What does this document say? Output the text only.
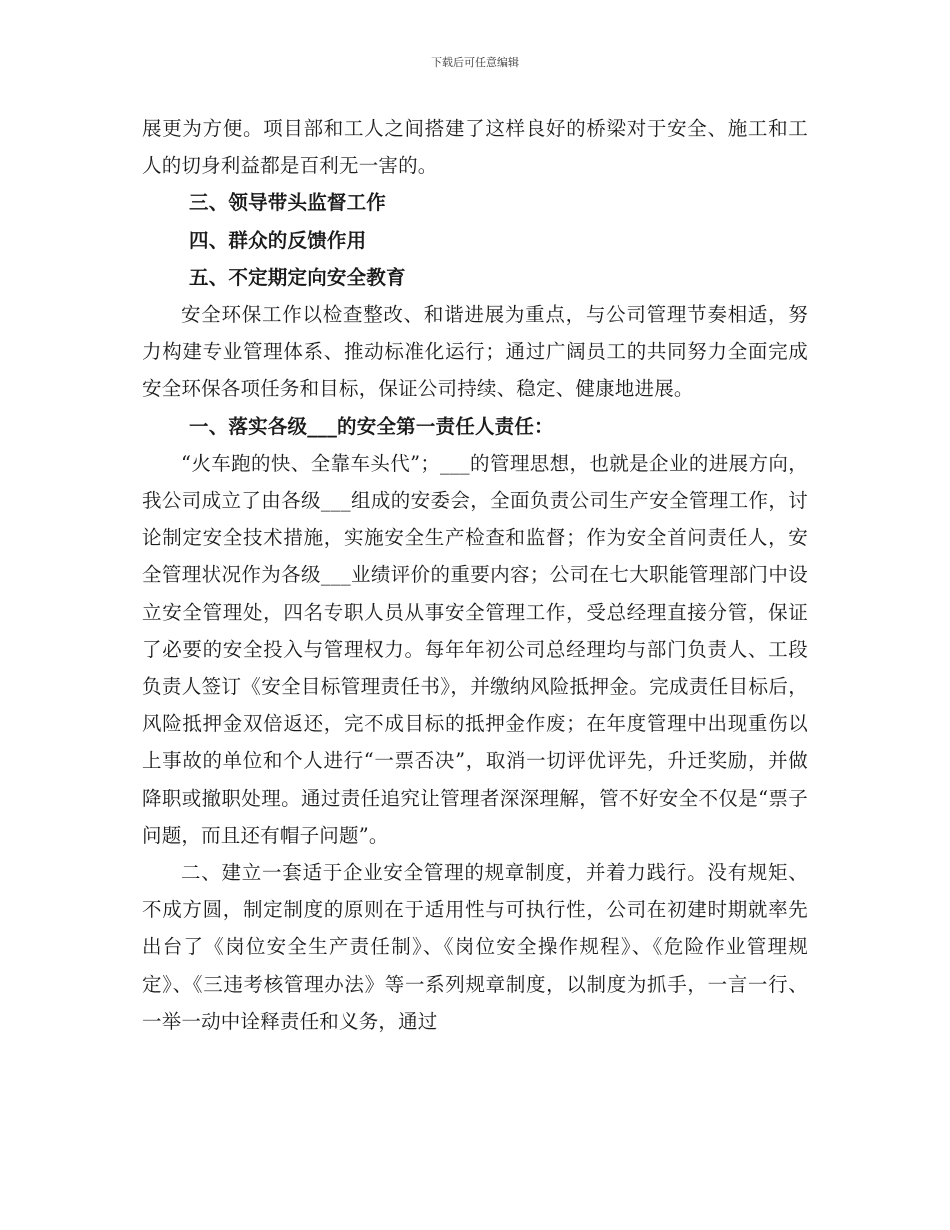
下载后可任意编辑

展更为方便。项目部和工人之间搭建了这样良好的桥梁对于安全、施工和工人的切身利益都是百利无一害的。

三、领导带头监督工作

四、群众的反馈作用

五、不定期定向安全教育

安全环保工作以检查整改、和谐进展为重点，与公司管理节奏相适，努力构建专业管理体系、推动标准化运行；通过广阔员工的共同努力全面完成安全环保各项任务和目标，保证公司持续、稳定、健康地进展。

一、落实各级___的安全第一责任人责任：

“火车跑的快、全靠车头代”；___的管理思想，也就是企业的进展方向，我公司成立了由各级___组成的安委会，全面负责公司生产安全管理工作，讨论制定安全技术措施，实施安全生产检查和监督；作为安全首问责任人，安全管理状况作为各级___业绩评价的重要内容；公司在七大职能管理部门中设立安全管理处，四名专职人员从事安全管理工作，受总经理直接分管，保证了必要的安全投入与管理权力。每年年初公司总经理均与部门负责人、工段负责人签订《安全目标管理责任书》，并缴纳风险抵押金。完成责任目标后，风险抵押金双倍返还，完不成目标的抵押金作废；在年度管理中出现重伤以上事故的单位和个人进行“一票否决”，取消一切评优评先，升迁奖励，并做降职或撤职处理。通过责任追究让管理者深深理解，管不好安全不仅是“票子问题，而且还有帽子问题”。

二、建立一套适于企业安全管理的规章制度，并着力践行。没有规矩、不成方圆，制定制度的原则在于适用性与可执行性，公司在初建时期就率先出台了《岗位安全生产责任制》、《岗位安全操作规程》、《危险作业管理规定》、《三违考核管理办法》等一系列规章制度，以制度为抓手，一言一行、一举一动中诠释责任和义务，通过
